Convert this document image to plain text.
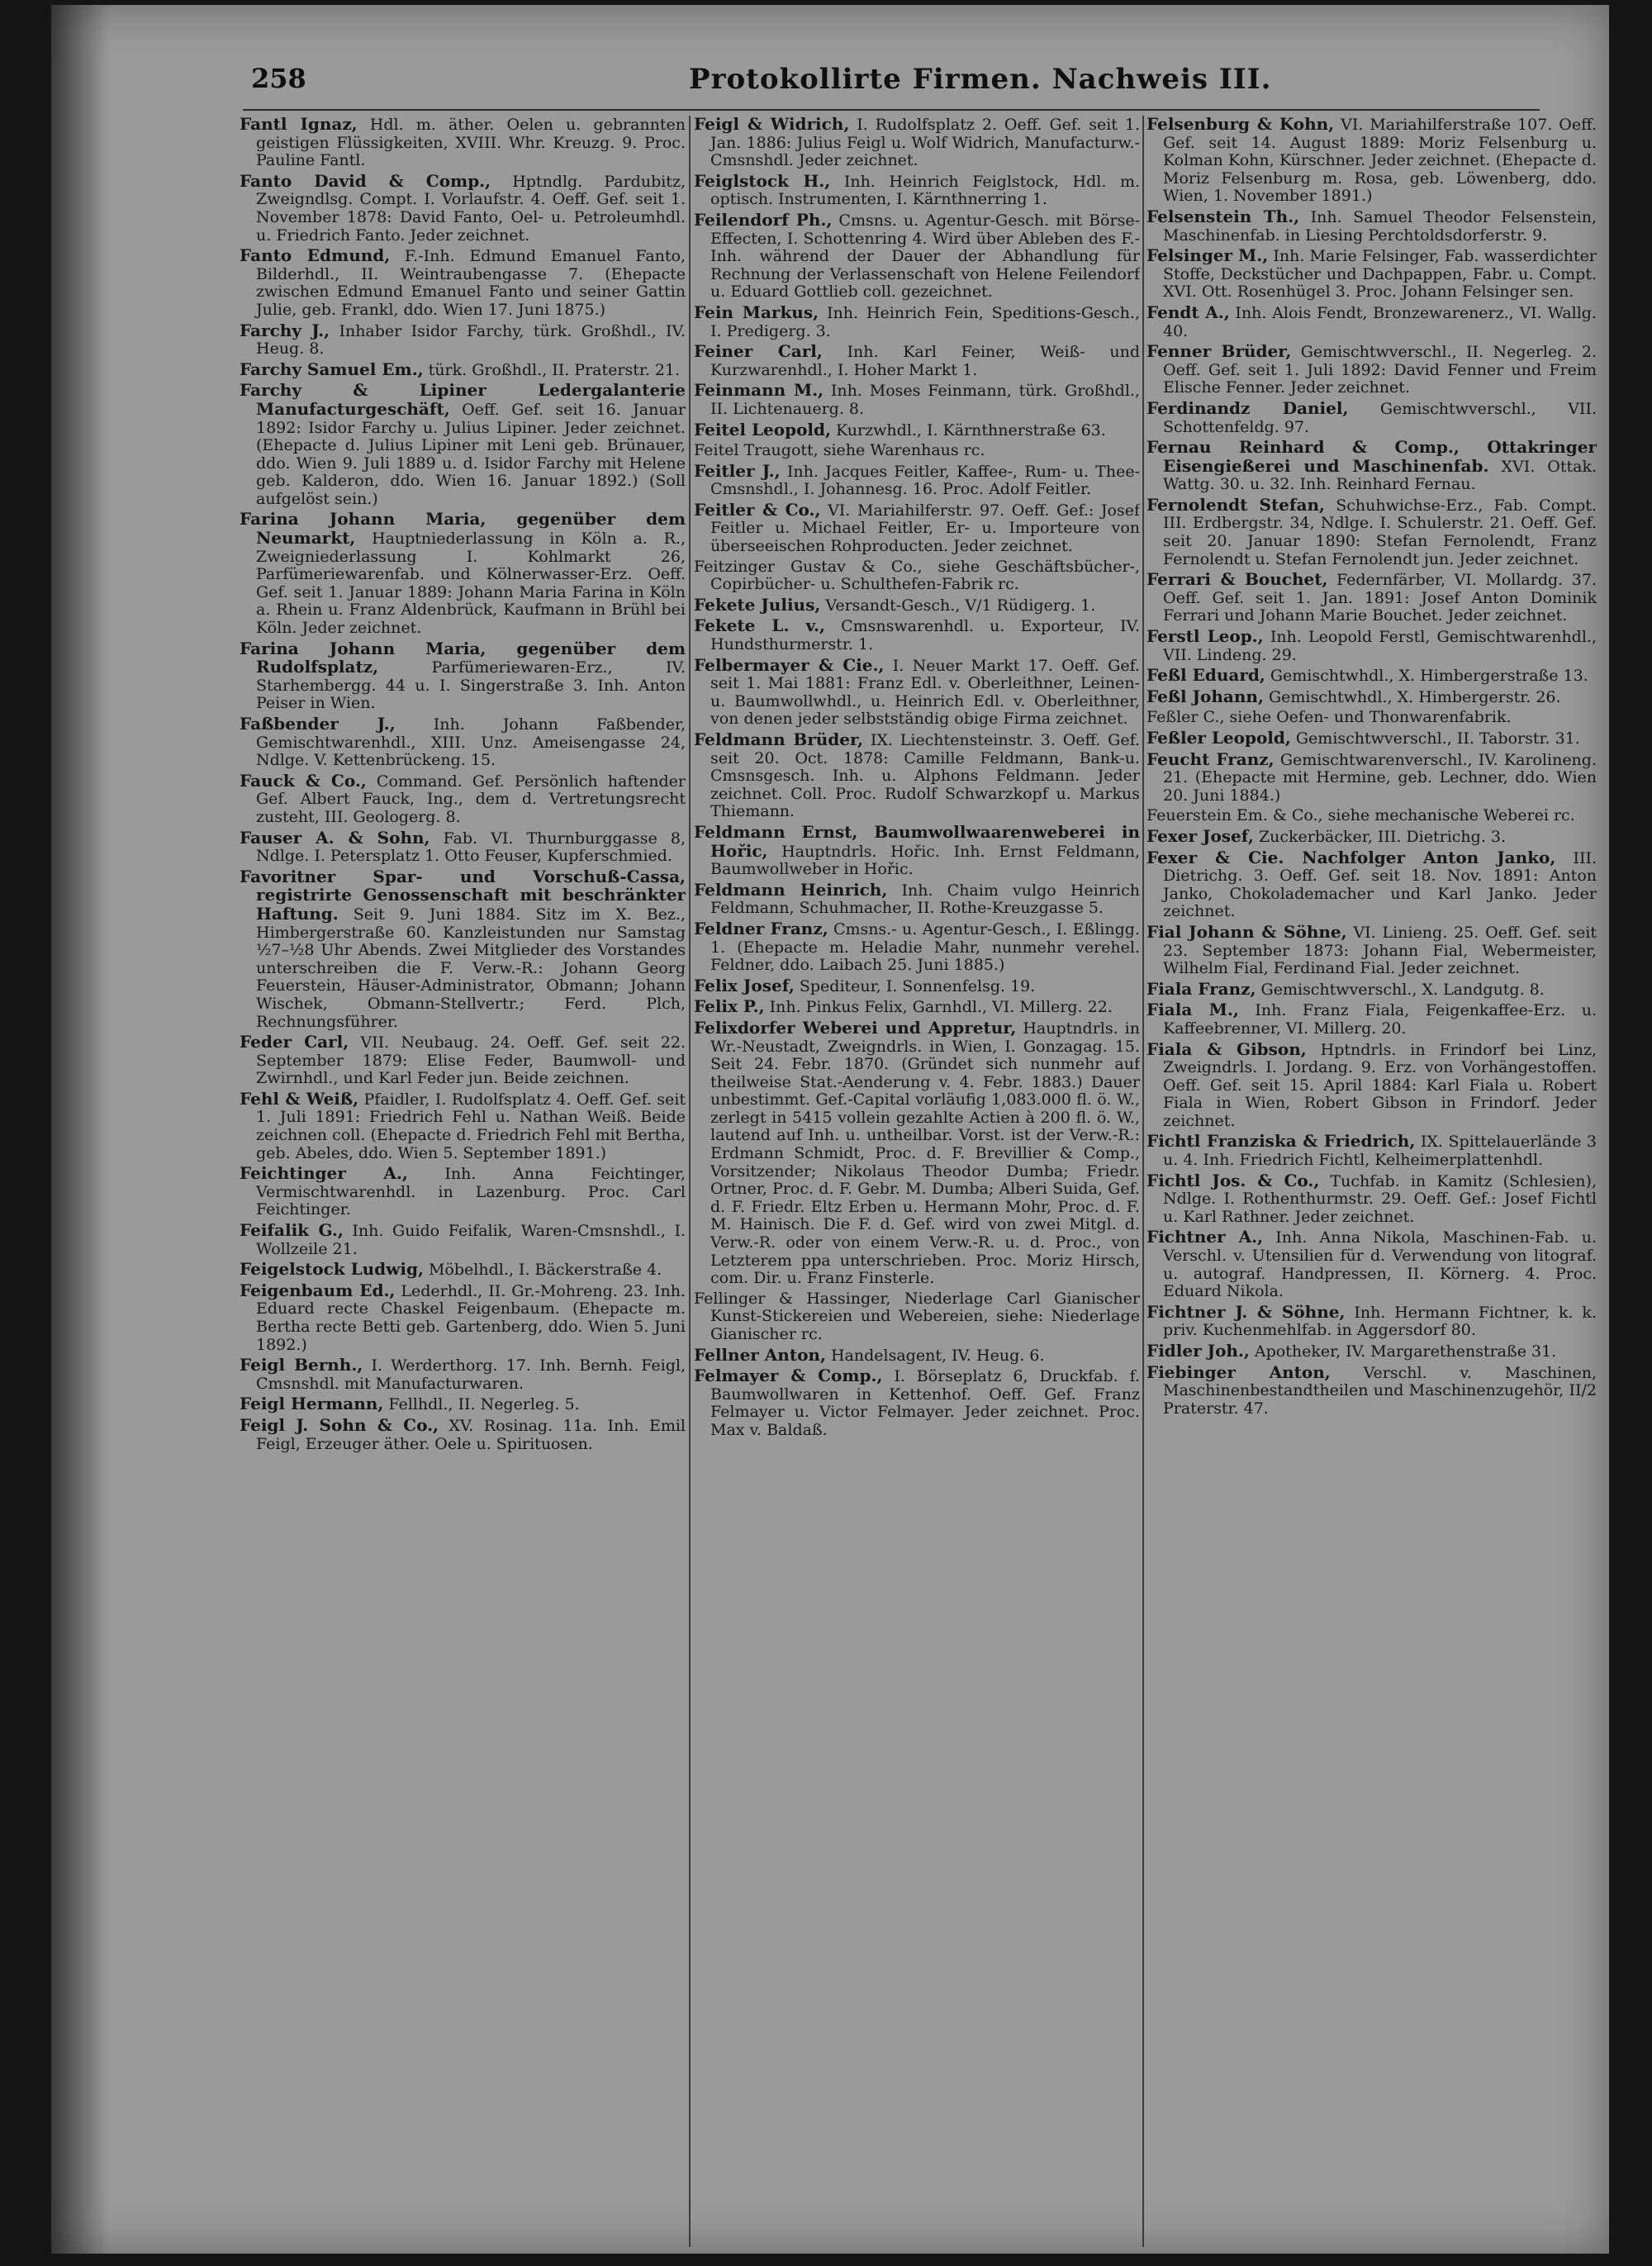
258	Protokollirte Firmen. Nachweis III.

Fantl Ignaz, Hdl. m. äther. Oelen u. gebrannten geistigen Flüssigkeiten, XVIII. Whr. Kreuzg. 9. Proc. Pauline Fantl.

Fanto David & Comp., Hptndlg. Pardubitz, Zweigndlsg. Compt. I. Vorlaufstr. 4. Oeff. Gef. seit 1. November 1878: David Fanto, Oel- u. Petroleumhdl. u. Friedrich Fanto. Jeder zeichnet.

Fanto Edmund, F.-Inh. Edmund Emanuel Fanto, Bilderhdl., II. Weintraubengasse 7. (Ehepacte zwischen Edmund Emanuel Fanto und seiner Gattin Julie, geb. Frankl, ddo. Wien 17. Juni 1875.)

Farchy J., Inhaber Isidor Farchy, türk. Großhdl., IV. Heug. 8.

Farchy Samuel Em., türk. Großhdl., II. Praterstr. 21.

Farchy & Lipiner Ledergalanterie Manufacturgeschäft, Oeff. Gef. seit 16. Januar 1892: Isidor Farchy u. Julius Lipiner. Jeder zeichnet. (Ehepacte d. Julius Lipiner mit Leni geb. Brünauer, ddo. Wien 9. Juli 1889 u. d. Isidor Farchy mit Helene geb. Kalderon, ddo. Wien 16. Januar 1892.) (Soll aufgelöst sein.)

Farina Johann Maria, gegenüber dem Neumarkt, Hauptniederlassung in Köln a. R., Zweigniederlassung I. Kohlmarkt 26, Parfümeriewarenfab. und Kölnerwasser-Erz. Oeff. Gef. seit 1. Januar 1889: Johann Maria Farina in Köln a. Rhein u. Franz Aldenbrück, Kaufmann in Brühl bei Köln. Jeder zeichnet.

Farina Johann Maria, gegenüber dem Rudolfsplatz, Parfümeriewaren-Erz., IV. Starhembergg. 44 u. I. Singerstraße 3. Inh. Anton Peiser in Wien.

Faßbender J., Inh. Johann Faßbender, Gemischtwarenhdl., XIII. Unz. Ameisengasse 24, Ndlge. V. Kettenbrückeng. 15.

Fauck & Co., Command. Gef. Persönlich haftender Gef. Albert Fauck, Ing., dem d. Vertretungsrecht zusteht, III. Geologerg. 8.

Fauser A. & Sohn, Fab. VI. Thurnburggasse 8, Ndlge. I. Petersplatz 1. Otto Feuser, Kupferschmied.

Favoritner Spar- und Vorschuß-Cassa, registrirte Genossenschaft mit beschränkter Haftung. Seit 9. Juni 1884. Sitz im X. Bez., Himbergerstraße 60. Kanzleistunden nur Samstag ½7–½8 Uhr Abends. Zwei Mitglieder des Vorstandes unterschreiben die F. Verw.-R.: Johann Georg Feuerstein, Häuser-Administrator, Obmann; Johann Wischek, Obmann-Stellvertr.; Ferd. Plch, Rechnungsführer.

Feder Carl, VII. Neubaug. 24. Oeff. Gef. seit 22. September 1879: Elise Feder, Baumwoll- und Zwirnhdl., und Karl Feder jun. Beide zeichnen.

Fehl & Weiß, Pfaidler, I. Rudolfsplatz 4. Oeff. Gef. seit 1. Juli 1891: Friedrich Fehl u. Nathan Weiß. Beide zeichnen coll. (Ehepacte d. Friedrich Fehl mit Bertha, geb. Abeles, ddo. Wien 5. September 1891.)

Feichtinger A., Inh. Anna Feichtinger, Vermischtwarenhdl. in Lazenburg. Proc. Carl Feichtinger.

Feifalik G., Inh. Guido Feifalik, Waren-Cmsnshdl., I. Wollzeile 21.

Feigelstock Ludwig, Möbelhdl., I. Bäckerstraße 4.

Feigenbaum Ed., Lederhdl., II. Gr.-Mohreng. 23. Inh. Eduard recte Chaskel Feigenbaum. (Ehepacte m. Bertha recte Betti geb. Gartenberg, ddo. Wien 5. Juni 1892.)

Feigl Bernh., I. Werderthorg. 17. Inh. Bernh. Feigl, Cmsnshdl. mit Manufacturwaren.

Feigl Hermann, Fellhdl., II. Negerleg. 5.

Feigl J. Sohn & Co., XV. Rosinag. 11a. Inh. Emil Feigl, Erzeuger äther. Oele u. Spirituosen.

Feigl & Widrich, I. Rudolfsplatz 2. Oeff. Gef. seit 1. Jan. 1886: Julius Feigl u. Wolf Widrich, Manufacturw.-Cmsnshdl. Jeder zeichnet.

Feiglstock H., Inh. Heinrich Feiglstock, Hdl. m. optisch. Instrumenten, I. Kärnthnerring 1.

Feilendorf Ph., Cmsns. u. Agentur-Gesch. mit Börse-Effecten, I. Schottenring 4. Wird über Ableben des F.-Inh. während der Dauer der Abhandlung für Rechnung der Verlassenschaft von Helene Feilendorf u. Eduard Gottlieb coll. gezeichnet.

Fein Markus, Inh. Heinrich Fein, Speditions-Gesch., I. Predigerg. 3.

Feiner Carl, Inh. Karl Feiner, Weiß- und Kurzwarenhdl., I. Hoher Markt 1.

Feinmann M., Inh. Moses Feinmann, türk. Großhdl., II. Lichtenauerg. 8.

Feitel Leopold, Kurzwhdl., I. Kärnthnerstraße 63.

Feitel Traugott, siehe Warenhaus rc.

Feitler J., Inh. Jacques Feitler, Kaffee-, Rum- u. Thee-Cmsnshdl., I. Johannesg. 16. Proc. Adolf Feitler.

Feitler & Co., VI. Mariahilferstr. 97. Oeff. Gef.: Josef Feitler u. Michael Feitler, Er- u. Importeure von überseeischen Rohproducten. Jeder zeichnet.

Feitzinger Gustav & Co., siehe Geschäftsbücher-, Copirbücher- u. Schulthefen-Fabrik rc.

Fekete Julius, Versandt-Gesch., V/1 Rüdigerg. 1.

Fekete L. v., Cmsnswarenhdl. u. Exporteur, IV. Hundsthurmerstr. 1.

Felbermayer & Cie., I. Neuer Markt 17. Oeff. Gef. seit 1. Mai 1881: Franz Edl. v. Oberleithner, Leinen- u. Baumwollwhdl., u. Heinrich Edl. v. Oberleithner, von denen jeder selbstständig obige Firma zeichnet.

Feldmann Brüder, IX. Liechtensteinstr. 3. Oeff. Gef. seit 20. Oct. 1878: Camille Feldmann, Bank-u. Cmsnsgesch. Inh. u. Alphons Feldmann. Jeder zeichnet. Coll. Proc. Rudolf Schwarzkopf u. Markus Thiemann.

Feldmann Ernst, Baumwollwaarenweberei in Hořic, Hauptndrls. Hořic. Inh. Ernst Feldmann, Baumwollweber in Hořic.

Feldmann Heinrich, Inh. Chaim vulgo Heinrich Feldmann, Schuhmacher, II. Rothe-Kreuzgasse 5.

Feldner Franz, Cmsns.- u. Agentur-Gesch., I. Eßlingg. 1. (Ehepacte m. Heladie Mahr, nunmehr verehel. Feldner, ddo. Laibach 25. Juni 1885.)

Felix Josef, Spediteur, I. Sonnenfelsg. 19.

Felix P., Inh. Pinkus Felix, Garnhdl., VI. Millerg. 22.

Felixdorfer Weberei und Appretur, Hauptndrls. in Wr.-Neustadt, Zweigndrls. in Wien, I. Gonzagag. 15. Seit 24. Febr. 1870. (Gründet sich nunmehr auf theilweise Stat.-Aenderung v. 4. Febr. 1883.) Dauer unbestimmt. Gef.-Capital vorläufig 1,083.000 fl. ö. W., zerlegt in 5415 vollein gezahlte Actien à 200 fl. ö. W., lautend auf Inh. u. untheilbar. Vorst. ist der Verw.-R.: Erdmann Schmidt, Proc. d. F. Brevillier & Comp., Vorsitzender; Nikolaus Theodor Dumba; Friedr. Ortner, Proc. d. F. Gebr. M. Dumba; Alberi Suida, Gef. d. F. Friedr. Eltz Erben u. Hermann Mohr, Proc. d. F. M. Hainisch. Die F. d. Gef. wird von zwei Mitgl. d. Verw.-R. oder von einem Verw.-R. u. d. Proc., von Letzterem ppa unterschrieben. Proc. Moriz Hirsch, com. Dir. u. Franz Finsterle.

Fellinger & Hassinger, Niederlage Carl Gianischer Kunst-Stickereien und Webereien, siehe: Niederlage Gianischer rc.

Fellner Anton, Handelsagent, IV. Heug. 6.

Felmayer & Comp., I. Börseplatz 6, Druckfab. f. Baumwollwaren in Kettenhof. Oeff. Gef. Franz Felmayer u. Victor Felmayer. Jeder zeichnet. Proc. Max v. Baldaß.

Felsenburg & Kohn, VI. Mariahilferstraße 107. Oeff. Gef. seit 14. August 1889: Moriz Felsenburg u. Kolman Kohn, Kürschner. Jeder zeichnet. (Ehepacte d. Moriz Felsenburg m. Rosa, geb. Löwenberg, ddo. Wien, 1. November 1891.)

Felsenstein Th., Inh. Samuel Theodor Felsenstein, Maschinenfab. in Liesing Perchtoldsdorferstr. 9.

Felsinger M., Inh. Marie Felsinger, Fab. wasserdichter Stoffe, Deckstücher und Dachpappen, Fabr. u. Compt. XVI. Ott. Rosenhügel 3. Proc. Johann Felsinger sen.

Fendt A., Inh. Alois Fendt, Bronzewarenerz., VI. Wallg. 40.

Fenner Brüder, Gemischtwverschl., II. Negerleg. 2. Oeff. Gef. seit 1. Juli 1892: David Fenner und Freim Elische Fenner. Jeder zeichnet.

Ferdinandz Daniel, Gemischtwverschl., VII. Schottenfeldg. 97.

Fernau Reinhard & Comp., Ottakringer Eisengießerei und Maschinenfab. XVI. Ottak. Wattg. 30. u. 32. Inh. Reinhard Fernau.

Fernolendt Stefan, Schuhwichse-Erz., Fab. Compt. III. Erdbergstr. 34, Ndlge. I. Schulerstr. 21. Oeff. Gef. seit 20. Januar 1890: Stefan Fernolendt, Franz Fernolendt u. Stefan Fernolendt jun. Jeder zeichnet.

Ferrari & Bouchet, Federnfärber, VI. Mollardg. 37. Oeff. Gef. seit 1. Jan. 1891: Josef Anton Dominik Ferrari und Johann Marie Bouchet. Jeder zeichnet.

Ferstl Leop., Inh. Leopold Ferstl, Gemischtwarenhdl., VII. Lindeng. 29.

Feßl Eduard, Gemischtwhdl., X. Himbergerstraße 13.

Feßl Johann, Gemischtwhdl., X. Himbergerstr. 26.

Feßler C., siehe Oefen- und Thonwarenfabrik.

Feßler Leopold, Gemischtwverschl., II. Taborstr. 31.

Feucht Franz, Gemischtwarenverschl., IV. Karolineng. 21. (Ehepacte mit Hermine, geb. Lechner, ddo. Wien 20. Juni 1884.)

Feuerstein Em. & Co., siehe mechanische Weberei rc.

Fexer Josef, Zuckerbäcker, III. Dietrichg. 3.

Fexer & Cie. Nachfolger Anton Janko, III. Dietrichg. 3. Oeff. Gef. seit 18. Nov. 1891: Anton Janko, Chokolademacher und Karl Janko. Jeder zeichnet.

Fial Johann & Söhne, VI. Linieng. 25. Oeff. Gef. seit 23. September 1873: Johann Fial, Webermeister, Wilhelm Fial, Ferdinand Fial. Jeder zeichnet.

Fiala Franz, Gemischtwverschl., X. Landgutg. 8.

Fiala M., Inh. Franz Fiala, Feigenkaffee-Erz. u. Kaffeebrenner, VI. Millerg. 20.

Fiala & Gibson, Hptndrls. in Frindorf bei Linz, Zweigndrls. I. Jordang. 9. Erz. von Vorhängestoffen. Oeff. Gef. seit 15. April 1884: Karl Fiala u. Robert Fiala in Wien, Robert Gibson in Frindorf. Jeder zeichnet.

Fichtl Franziska & Friedrich, IX. Spittelauerlände 3 u. 4. Inh. Friedrich Fichtl, Kelheimerplattenhdl.

Fichtl Jos. & Co., Tuchfab. in Kamitz (Schlesien), Ndlge. I. Rothenthurmstr. 29. Oeff. Gef.: Josef Fichtl u. Karl Rathner. Jeder zeichnet.

Fichtner A., Inh. Anna Nikola, Maschinen-Fab. u. Verschl. v. Utensilien für d. Verwendung von litograf. u. autograf. Handpressen, II. Körnerg. 4. Proc. Eduard Nikola.

Fichtner J. & Söhne, Inh. Hermann Fichtner, k. k. priv. Kuchenmehlfab. in Aggersdorf 80.

Fidler Joh., Apotheker, IV. Margarethenstraße 31.

Fiebinger Anton, Verschl. v. Maschinen, Maschinenbestandtheilen und Maschinenzugehör, II/2 Praterstr. 47.
